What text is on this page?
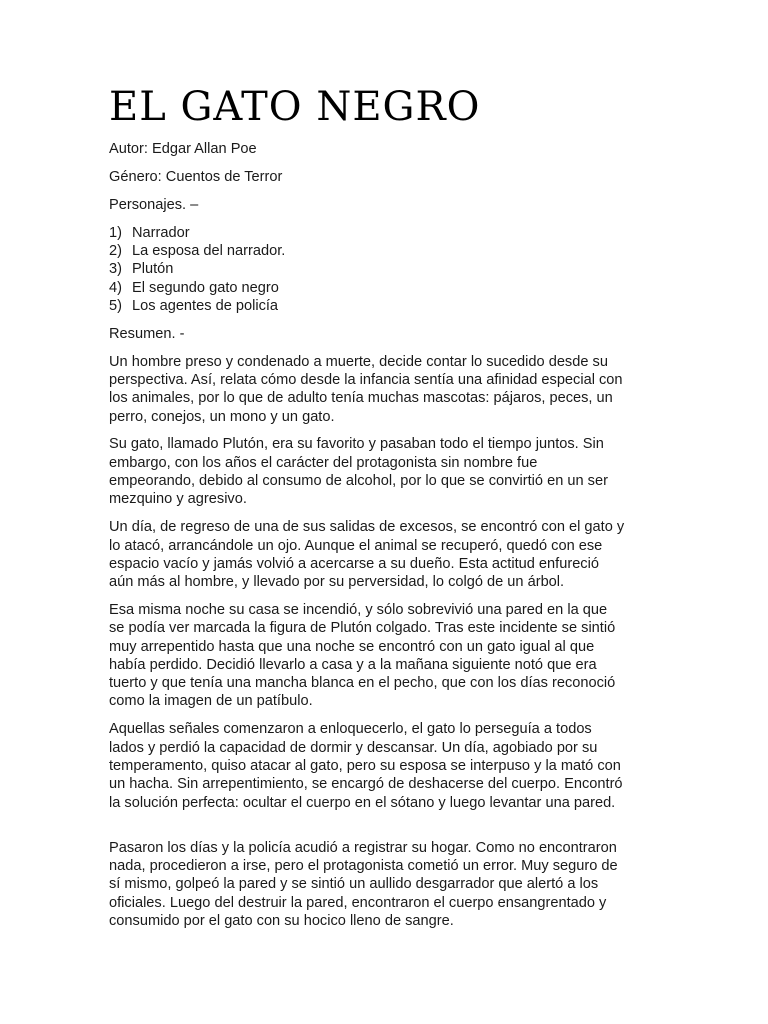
EL GATO NEGRO

Autor: Edgar Allan Poe

Género: Cuentos de Terror

Personajes. –

1) Narrador
2) La esposa del narrador.
3) Plutón
4) El segundo gato negro
5) Los agentes de policía

Resumen. -

Un hombre preso y condenado a muerte, decide contar lo sucedido desde su
perspectiva. Así, relata cómo desde la infancia sentía una afinidad especial con
los animales, por lo que de adulto tenía muchas mascotas: pájaros, peces, un
perro, conejos, un mono y un gato.
Su gato, llamado Plutón, era su favorito y pasaban todo el tiempo juntos. Sin
embargo, con los años el carácter del protagonista sin nombre fue
empeorando, debido al consumo de alcohol, por lo que se convirtió en un ser
mezquino y agresivo.
Un día, de regreso de una de sus salidas de excesos, se encontró con el gato y
lo atacó, arrancándole un ojo. Aunque el animal se recuperó, quedó con ese
espacio vacío y jamás volvió a acercarse a su dueño. Esta actitud enfureció
aún más al hombre, y llevado por su perversidad, lo colgó de un árbol.
Esa misma noche su casa se incendió, y sólo sobrevivió una pared en la que
se podía ver marcada la figura de Plutón colgado. Tras este incidente se sintió
muy arrepentido hasta que una noche se encontró con un gato igual al que
había perdido. Decidió llevarlo a casa y a la mañana siguiente notó que era
tuerto y que tenía una mancha blanca en el pecho, que con los días reconoció
como la imagen de un patíbulo.
Aquellas señales comenzaron a enloquecerlo, el gato lo perseguía a todos
lados y perdió la capacidad de dormir y descansar. Un día, agobiado por su
temperamento, quiso atacar al gato, pero su esposa se interpuso y la mató con
un hacha. Sin arrepentimiento, se encargó de deshacerse del cuerpo. Encontró
la solución perfecta: ocultar el cuerpo en el sótano y luego levantar una pared.
Pasaron los días y la policía acudió a registrar su hogar. Como no encontraron
nada, procedieron a irse, pero el protagonista cometió un error. Muy seguro de
sí mismo, golpeó la pared y se sintió un aullido desgarrador que alertó a los
oficiales. Luego del destruir la pared, encontraron el cuerpo ensangrentado y
consumido por el gato con su hocico lleno de sangre.
